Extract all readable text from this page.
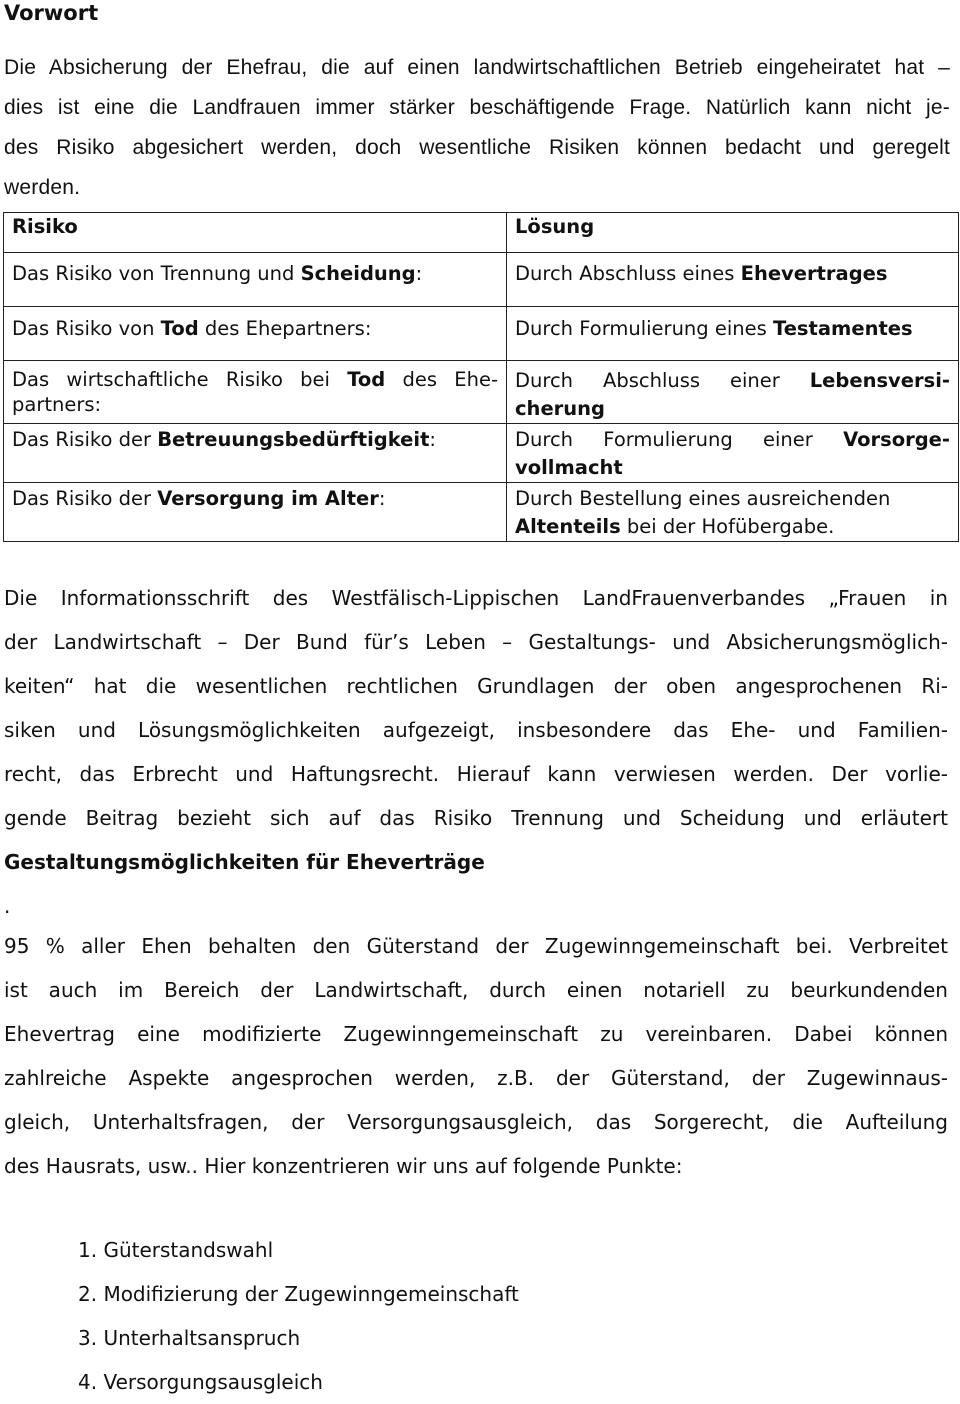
Vorwort

Die Absicherung der Ehefrau, die auf einen landwirtschaftlichen Betrieb eingeheiratet hat –
dies ist eine die Landfrauen immer stärker beschäftigende Frage. Natürlich kann nicht je-
des Risiko abgesichert werden, doch wesentliche Risiken können bedacht und geregelt
werden.

Risiko	Lösung
Das Risiko von Trennung und Scheidung:	Durch Abschluss eines Ehevertrages
Das Risiko von Tod des Ehepartners:	Durch Formulierung eines Testamentes

Das wirtschaftliche Risiko bei Tod des Ehe-
partners:	Durch Abschluss einer Lebensversi-
cherung
Das Risiko der Betreuungsbedürftigkeit:	Durch Formulierung einer Vorsorge-
vollmacht
Das Risiko der Versorgung im Alter:	Durch Bestellung eines ausreichenden
Altenteils bei der Hofübergabe.

Die Informationsschrift des Westfälisch-Lippischen LandFrauenverbandes „Frauen in
der Landwirtschaft – Der Bund für’s Leben – Gestaltungs- und Absicherungsmöglich-
keiten“ hat die wesentlichen rechtlichen Grundlagen der oben angesprochenen Ri-
siken und Lösungsmöglichkeiten aufgezeigt, insbesondere das Ehe- und Familien-
recht, das Erbrecht und Haftungsrecht. Hierauf kann verwiesen werden. Der vorlie-
gende Beitrag bezieht sich auf das Risiko Trennung und Scheidung und erläutert
Gestaltungsmöglichkeiten für Eheverträge
.

95 % aller Ehen behalten den Güterstand der Zugewinngemeinschaft bei. Verbreitet
ist auch im Bereich der Landwirtschaft, durch einen notariell zu beurkundenden
Ehevertrag eine modifizierte Zugewinngemeinschaft zu vereinbaren. Dabei können
zahlreiche Aspekte angesprochen werden, z.B. der Güterstand, der Zugewinnaus-
gleich, Unterhaltsfragen, der Versorgungsausgleich, das Sorgerecht, die Aufteilung
des Hausrats, usw.. Hier konzentrieren wir uns auf folgende Punkte:

1. Güterstandswahl
2. Modifizierung der Zugewinngemeinschaft
3. Unterhaltsanspruch
4. Versorgungsausgleich
